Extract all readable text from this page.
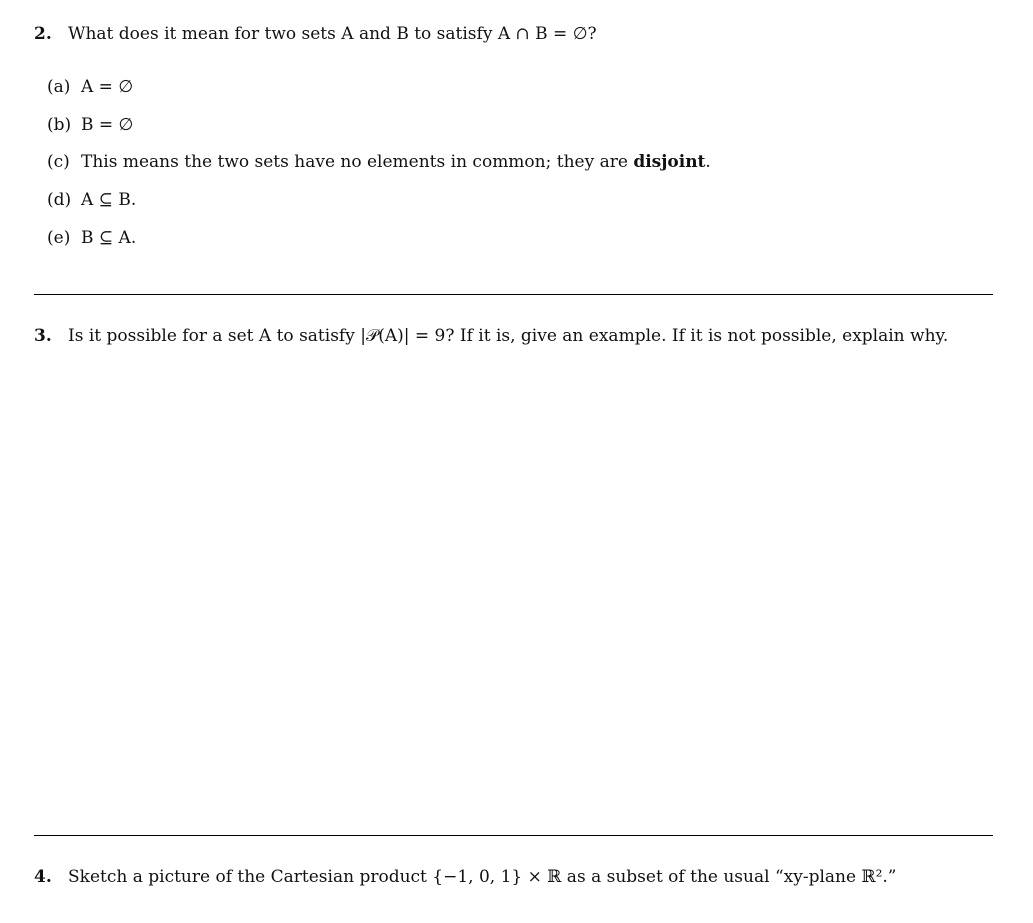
2. What does it mean for two sets A and B to satisfy A ∩ B = ∅?
(a) A = ∅
(b) B = ∅
(c) This means the two sets have no elements in common; they are disjoint.
(d) A ⊆ B.
(e) B ⊆ A.
3. Is it possible for a set A to satisfy |𝒫(A)| = 9? If it is, give an example. If it is not possible, explain why.
4. Sketch a picture of the Cartesian product {−1, 0, 1} × ℝ as a subset of the usual “xy-plane ℝ².”
